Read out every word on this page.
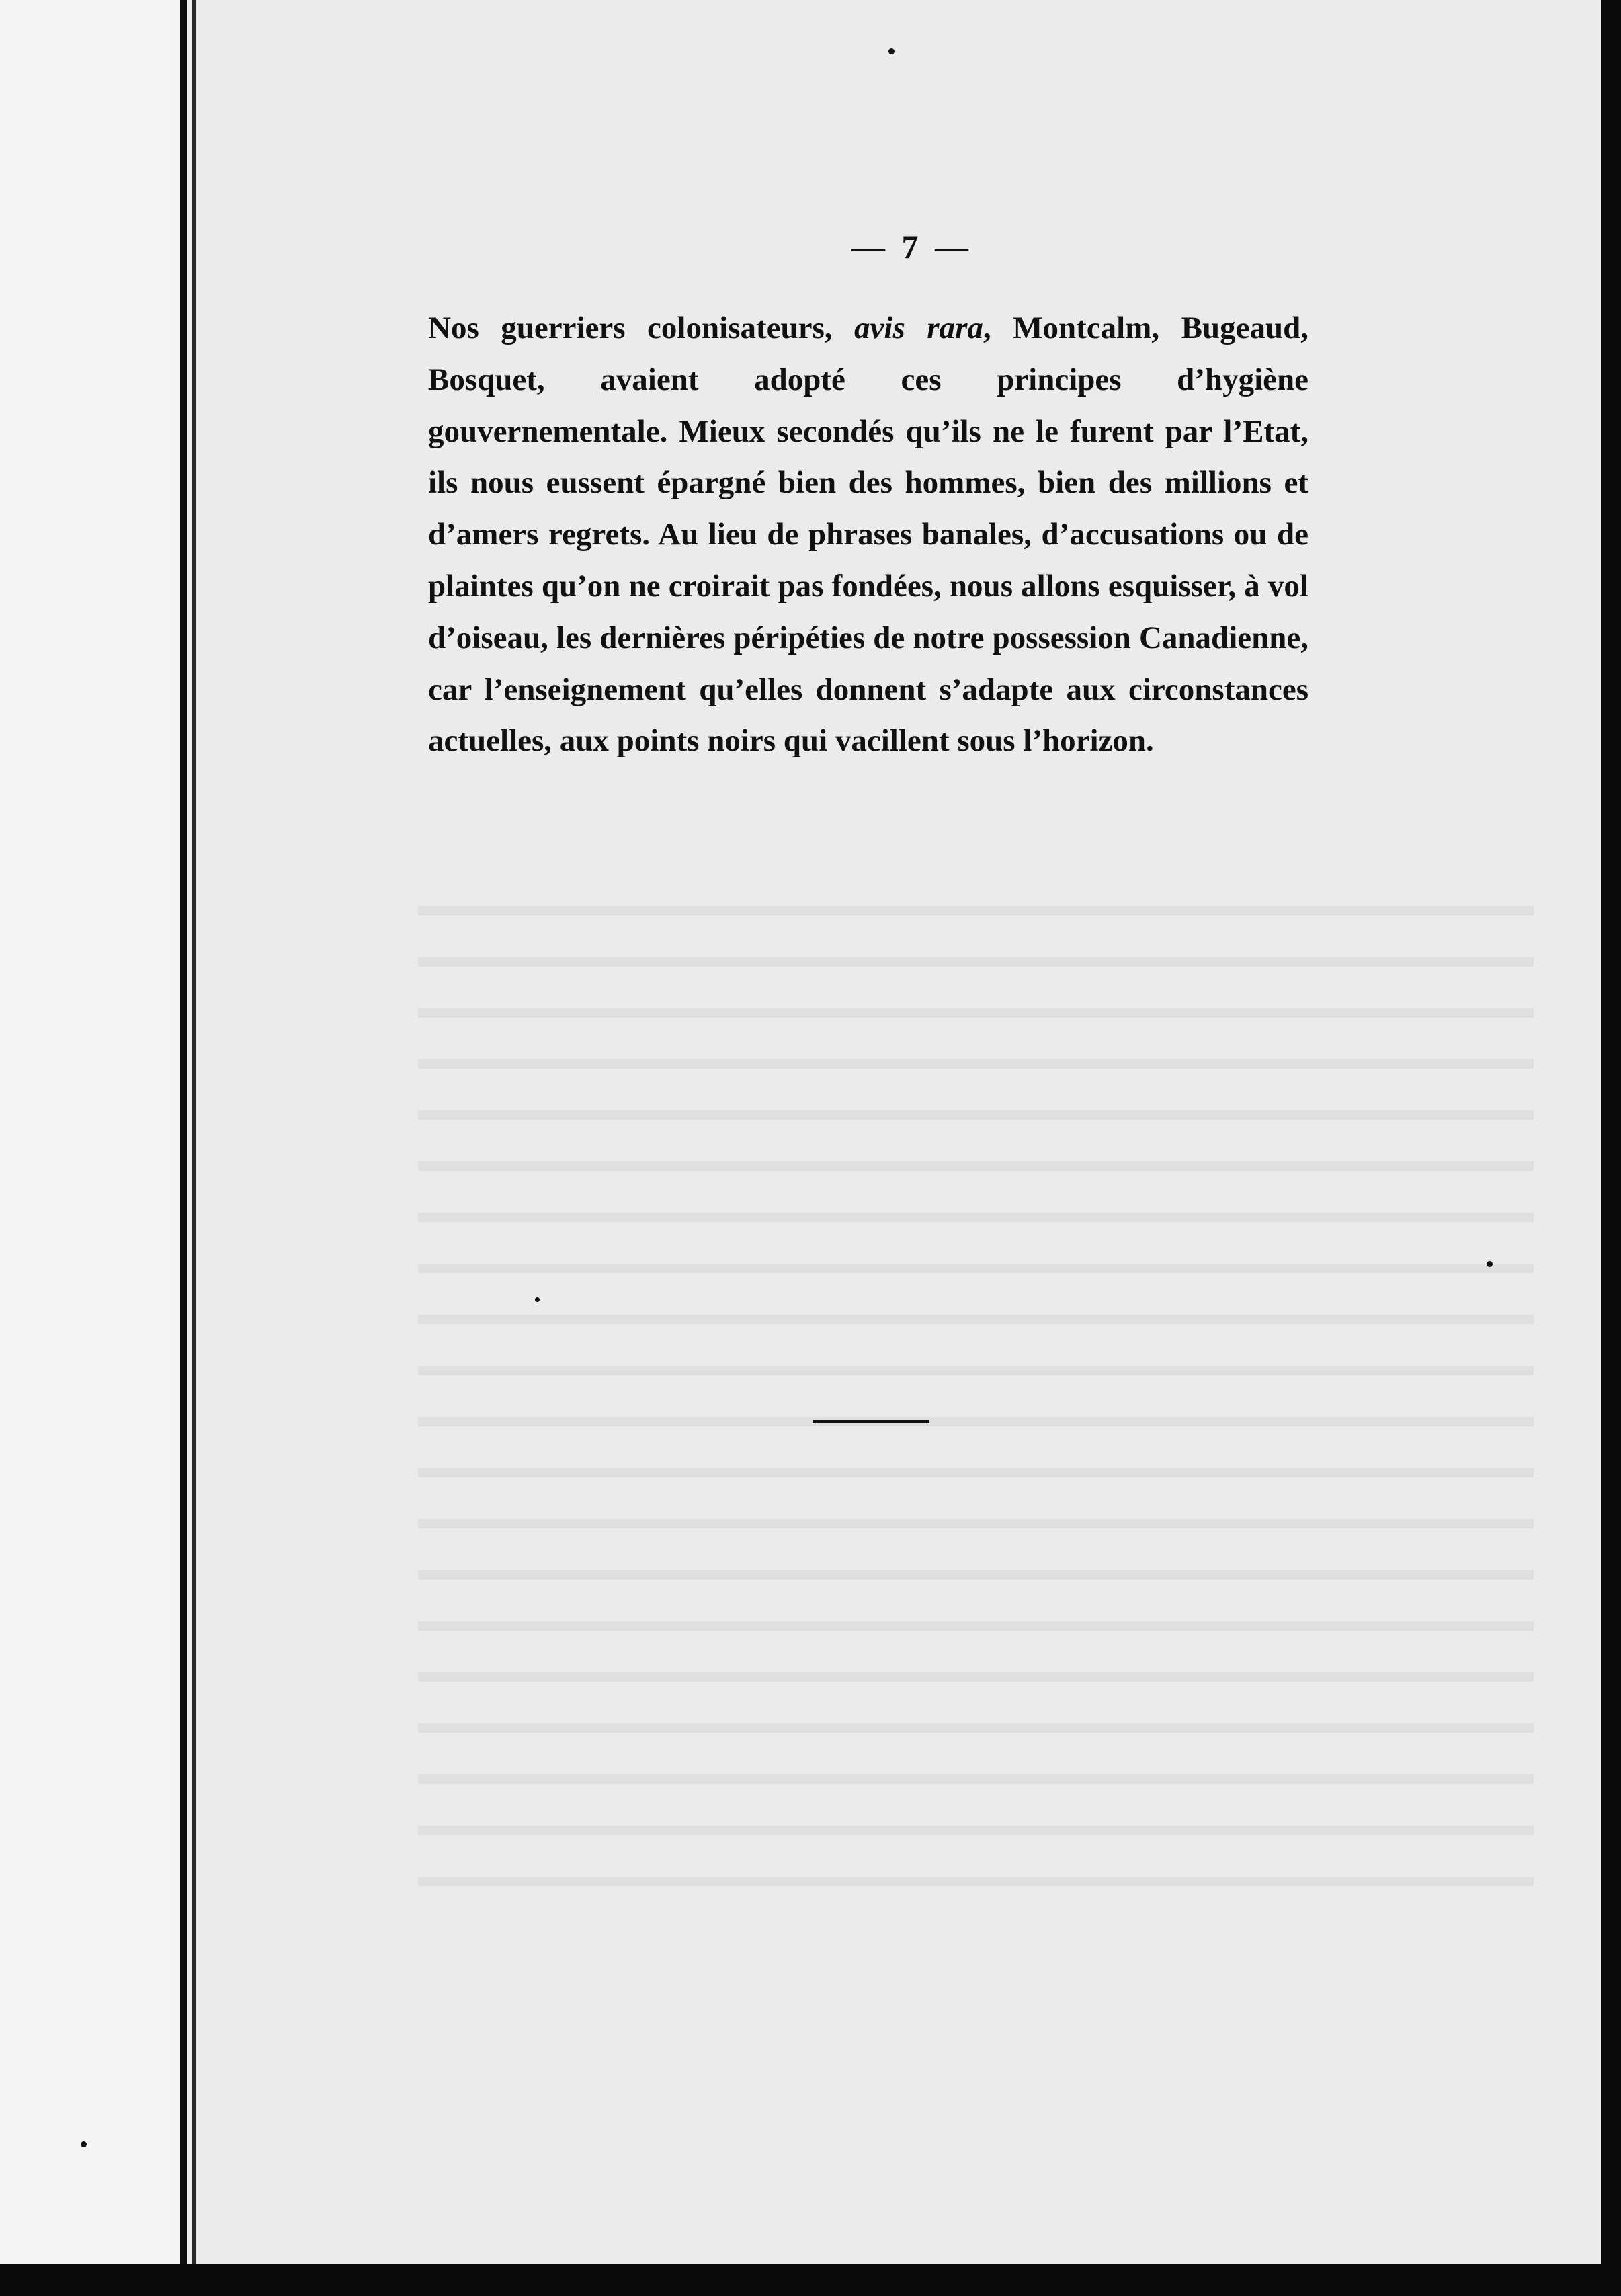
— 7 —

Nos guerriers colonisateurs, avis rara, Montcalm, Bugeaud, Bosquet, avaient adopté ces principes d’hygiène gouvernementale. Mieux secondés qu’ils ne le furent par l’Etat, ils nous eussent épargné bien des hommes, bien des millions et d’amers regrets. Au lieu de phrases banales, d’accusations ou de plaintes qu’on ne croirait pas fondées, nous allons esquisser, à vol d’oiseau, les dernières péripéties de notre possession Canadienne, car l’enseignement qu’elles donnent s’adapte aux circonstances actuelles, aux points noirs qui vacillent sous l’horizon.
